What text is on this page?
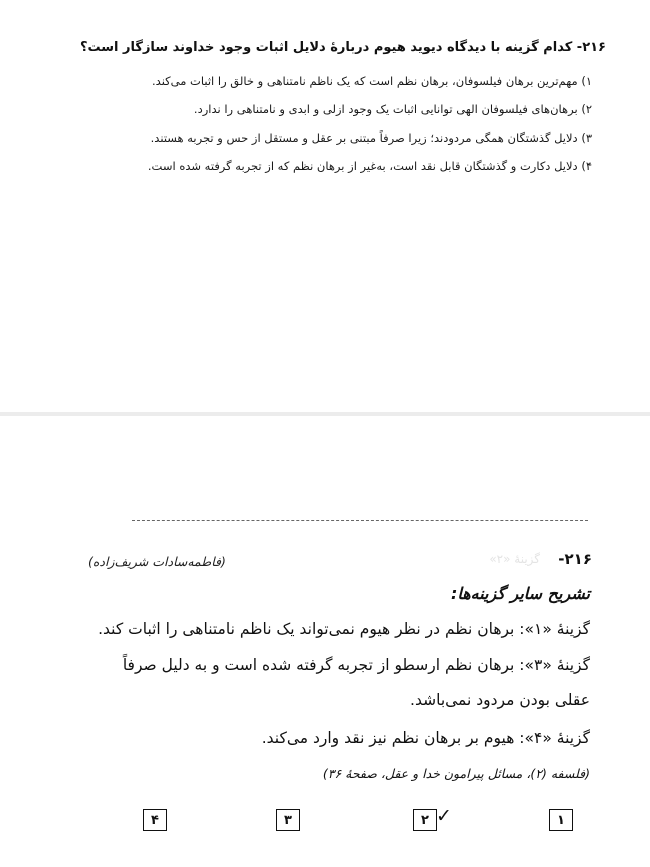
۲۱۶- کدام گزینه با دیدگاه دیوید هیوم دربارهٔ دلایل اثبات وجود خداوند سازگار است؟
۱) مهم‌ترین برهان فیلسوفان، برهان نظم است که یک ناظم نامتناهی و خالق را اثبات می‌کند.
۲) برهان‌های فیلسوفان الهی توانایی اثبات یک وجود ازلی و ابدی و نامتناهی را ندارد.
۳) دلایل گذشتگان همگی مردودند؛ زیرا صرفاً مبتنی بر عقل و مستقل از حس و تجربه هستند.
۴) دلایل دکارت و گذشتگان قابل نقد است، به‌غیر از برهان نظم که از تجربه گرفته شده است.
۲۱۶-
گزینهٔ «۲»
(فاطمه‌سادات شریف‌زاده)
تشریح سایر گزینه‌ها:
گزینهٔ «۱»: برهان نظم در نظر هیوم نمی‌تواند یک ناظم نامتناهی را اثبات کند.
گزینهٔ «۳»: برهان نظم ارسطو از تجربه گرفته شده است و به دلیل صرفاً
عقلی بودن مردود نمی‌باشد.
گزینهٔ «۴»: هیوم بر برهان نظم نیز نقد وارد می‌کند.
(فلسفه (۲)، مسائل پیرامون خدا و عقل، صفحهٔ ۳۶)
۴	۳	۲ ✓	۱
